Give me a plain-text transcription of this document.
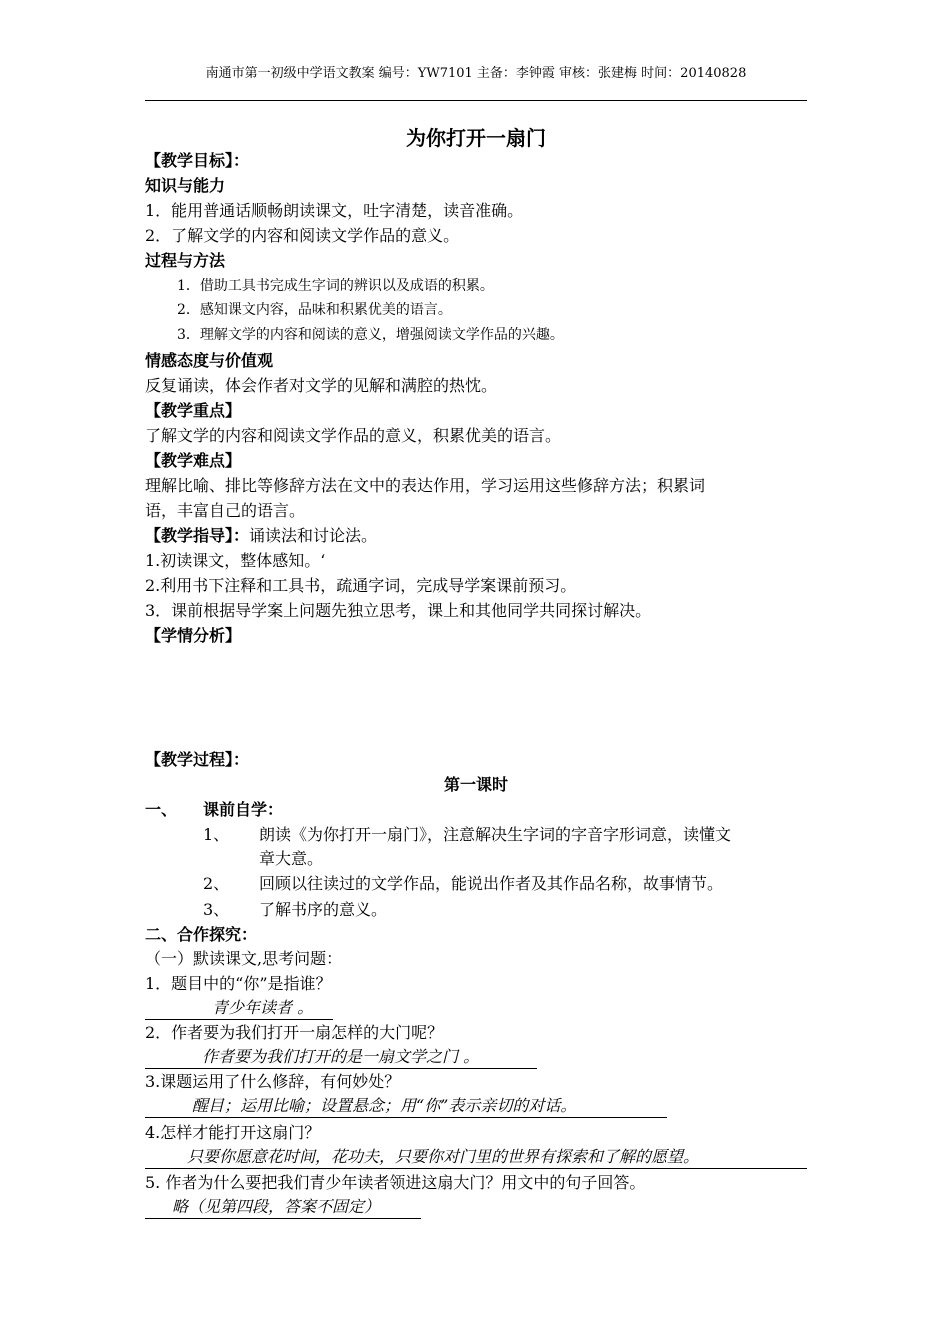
南通市第一初级中学语文教案 编号：YW7101 主备：李钟霞 审核：张建梅 时间：20140828
为你打开一扇门
【教学目标】：
知识与能力
1．能用普通话顺畅朗读课文，吐字清楚，读音准确。
2．了解文学的内容和阅读文学作品的意义。
过程与方法
1．借助工具书完成生字词的辨识以及成语的积累。
2．感知课文内容，品味和积累优美的语言。
3．理解文学的内容和阅读的意义，增强阅读文学作品的兴趣。
情感态度与价值观
反复诵读，体会作者对文学的见解和满腔的热忱。
【教学重点】
了解文学的内容和阅读文学作品的意义，积累优美的语言。
【教学难点】
理解比喻、排比等修辞方法在文中的表达作用，学习运用这些修辞方法；积累词
语，丰富自己的语言。
【教学指导】：诵读法和讨论法。
1.初读课文，整体感知。‘
2.利用书下注释和工具书，疏通字词，完成导学案课前预习。
3．课前根据导学案上问题先独立思考，课上和其他同学共同探讨解决。
【学情分析】
【教学过程】：
第一课时
一、 课前自学：
1、 朗读《为你打开一扇门》，注意解决生字词的字音字形词意，读懂文
章大意。
2、 回顾以往读过的文学作品，能说出作者及其作品名称，故事情节。
3、 了解书序的意义。
二、合作探究：
（一）默读课文,思考问题：
1．题目中的“你”是指谁？
青少年读者 。
2．作者要为我们打开一扇怎样的大门呢？
作者要为我们打开的是一扇文学之门 。
3.课题运用了什么修辞，有何妙处？
醒目；运用比喻；设置悬念；用“你”表示亲切的对话。
4.怎样才能打开这扇门？
只要你愿意花时间，花功夫，只要你对门里的世界有探索和了解的愿望。
5. 作者为什么要把我们青少年读者领进这扇大门？用文中的句子回答。
略（见第四段，答案不固定）
